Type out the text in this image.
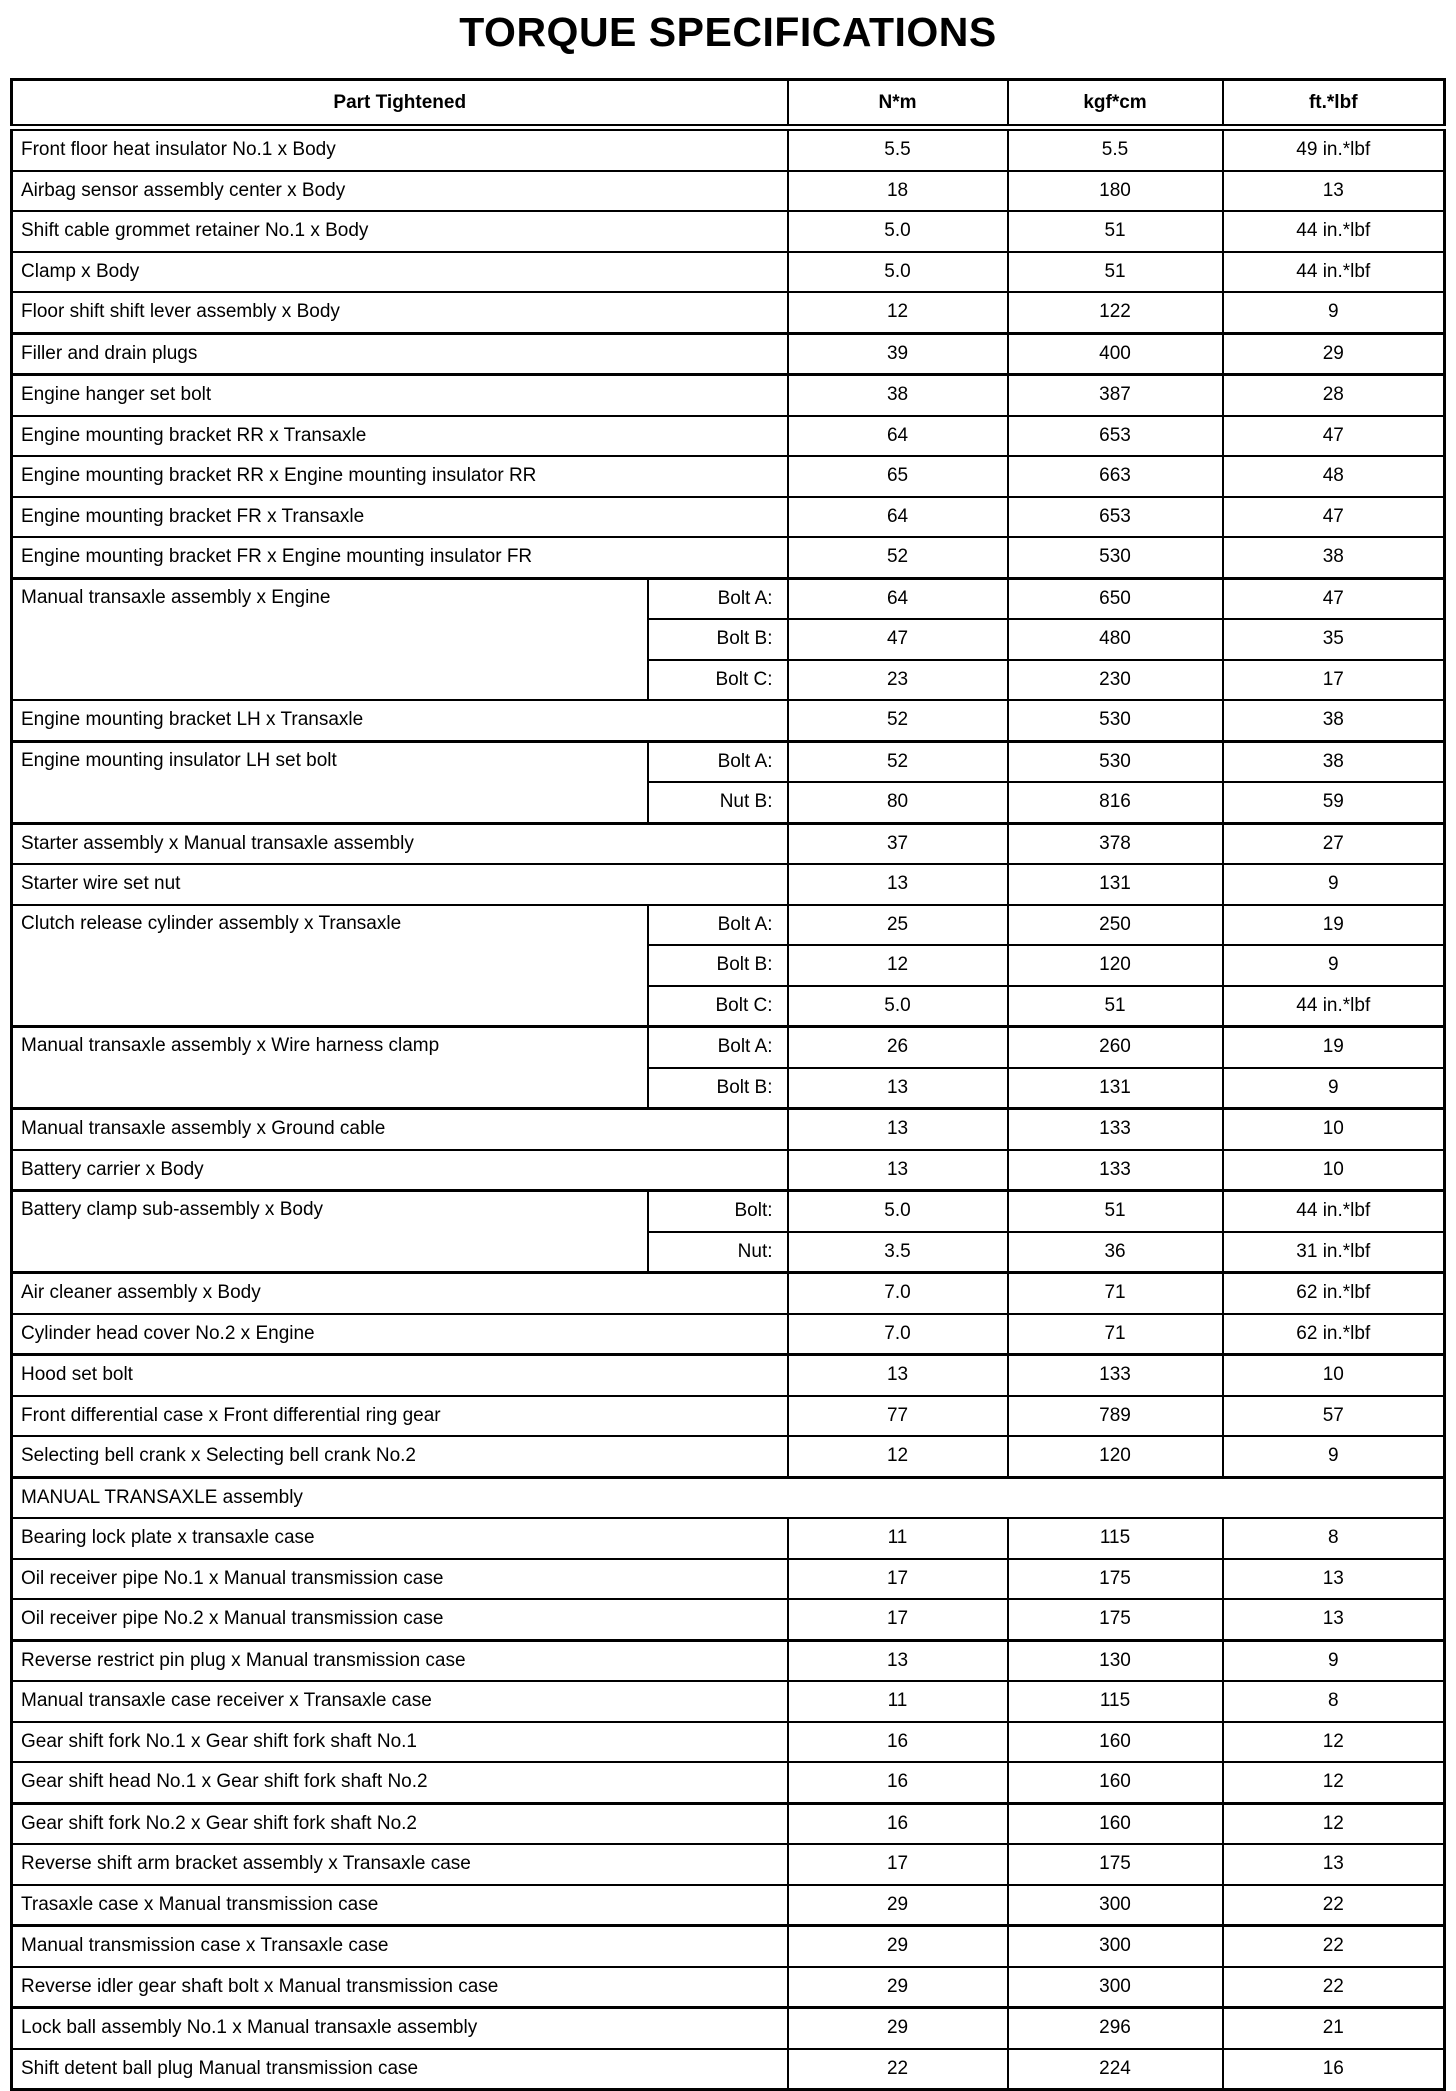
TORQUE SPECIFICATIONS
Part Tightened		N*m	kgf*cm	ft.*lbf
Front floor heat insulator No.1 x Body		5.5	5.5	49 in.*lbf
Airbag sensor assembly center x Body		18	180	13
Shift cable grommet retainer No.1 x Body		5.0	51	44 in.*lbf
Clamp x Body		5.0	51	44 in.*lbf
Floor shift shift lever assembly x Body		12	122	9
Filler and drain plugs		39	400	29
Engine hanger set bolt		38	387	28
Engine mounting bracket RR x Transaxle		64	653	47
Engine mounting bracket RR x Engine mounting insulator RR		65	663	48
Engine mounting bracket FR x Transaxle		64	653	47
Engine mounting bracket FR x Engine mounting insulator FR		52	530	38
Manual transaxle assembly x Engine	Bolt A:	64	650	47
	Bolt B:	47	480	35
	Bolt C:	23	230	17
Engine mounting bracket LH x Transaxle		52	530	38
Engine mounting insulator LH set bolt	Bolt A:	52	530	38
	Nut B:	80	816	59
Starter assembly x Manual transaxle assembly		37	378	27
Starter wire set nut		13	131	9
Clutch release cylinder assembly x Transaxle	Bolt A:	25	250	19
	Bolt B:	12	120	9
	Bolt C:	5.0	51	44 in.*lbf
Manual transaxle assembly x Wire harness clamp	Bolt A:	26	260	19
	Bolt B:	13	131	9
Manual transaxle assembly x Ground cable		13	133	10
Battery carrier x Body		13	133	10
Battery clamp sub-assembly x Body	Bolt:	5.0	51	44 in.*lbf
	Nut:	3.5	36	31 in.*lbf
Air cleaner assembly x Body		7.0	71	62 in.*lbf
Cylinder head cover No.2 x Engine		7.0	71	62 in.*lbf
Hood set bolt		13	133	10
Front differential case x Front differential ring gear		77	789	57
Selecting bell crank x Selecting bell crank No.2		12	120	9
MANUAL TRANSAXLE assembly				
Bearing lock plate x transaxle case		11	115	8
Oil receiver pipe No.1 x Manual transmission case		17	175	13
Oil receiver pipe No.2 x Manual transmission case		17	175	13
Reverse restrict pin plug x Manual transmission case		13	130	9
Manual transaxle case receiver x Transaxle case		11	115	8
Gear shift fork No.1 x Gear shift fork shaft No.1		16	160	12
Gear shift head No.1 x Gear shift fork shaft No.2		16	160	12
Gear shift fork No.2 x Gear shift fork shaft No.2		16	160	12
Reverse shift arm bracket assembly x Transaxle case		17	175	13
Trasaxle case x Manual transmission case		29	300	22
Manual transmission case x Transaxle case		29	300	22
Reverse idler gear shaft bolt x Manual transmission case		29	300	22
Lock ball assembly No.1 x Manual transaxle assembly		29	296	21
Shift detent ball plug Manual transmission case		22	224	16
